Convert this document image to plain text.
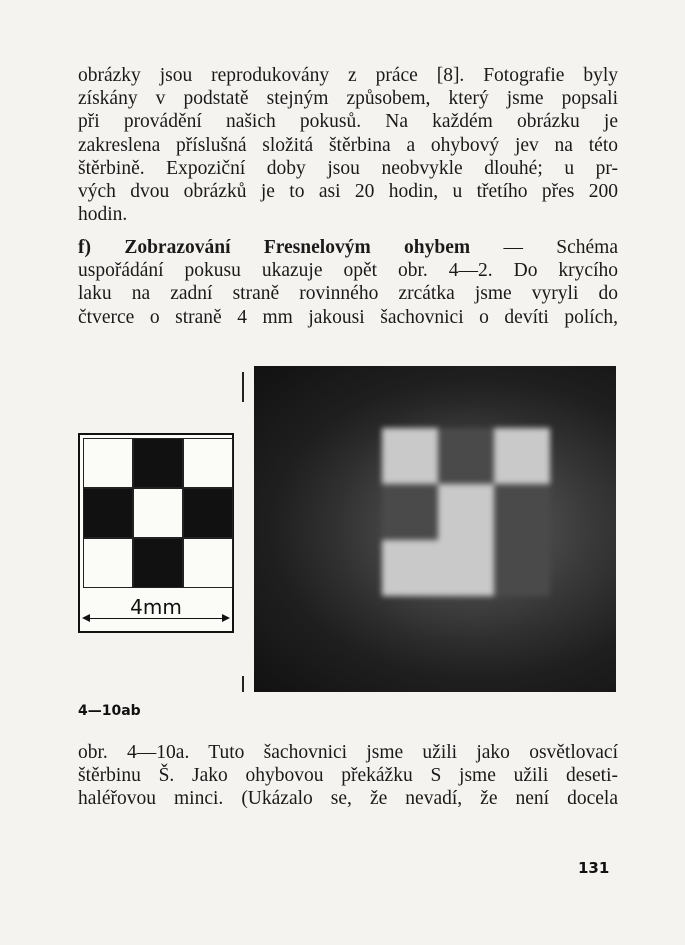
obrázky jsou reprodukovány z práce [8]. Fotografie byly
získány v podstatě stejným způsobem, který jsme popsali
při provádění našich pokusů. Na každém obrázku je
zakreslena příslušná složitá štěrbina a ohybový jev na této
štěrbině. Expoziční doby jsou neobvykle dlouhé; u pr-
vých dvou obrázků je to asi 20 hodin, u třetího přes 200
hodin.

f) Zobrazování Fresnelovým ohybem — Schéma
uspořádání pokusu ukazuje opět obr. 4—2. Do krycího
laku na zadní straně rovinného zrcátka jsme vyryli do
čtverce o straně 4 mm jakousi šachovnici o devíti polích,

4mm
4—10ab

obr. 4—10a. Tuto šachovnici jsme užili jako osvětlovací
štěrbinu Š. Jako ohybovou překážku S jsme užili deseti-
haléřovou minci. (Ukázalo se, že nevadí, že není docela

131
